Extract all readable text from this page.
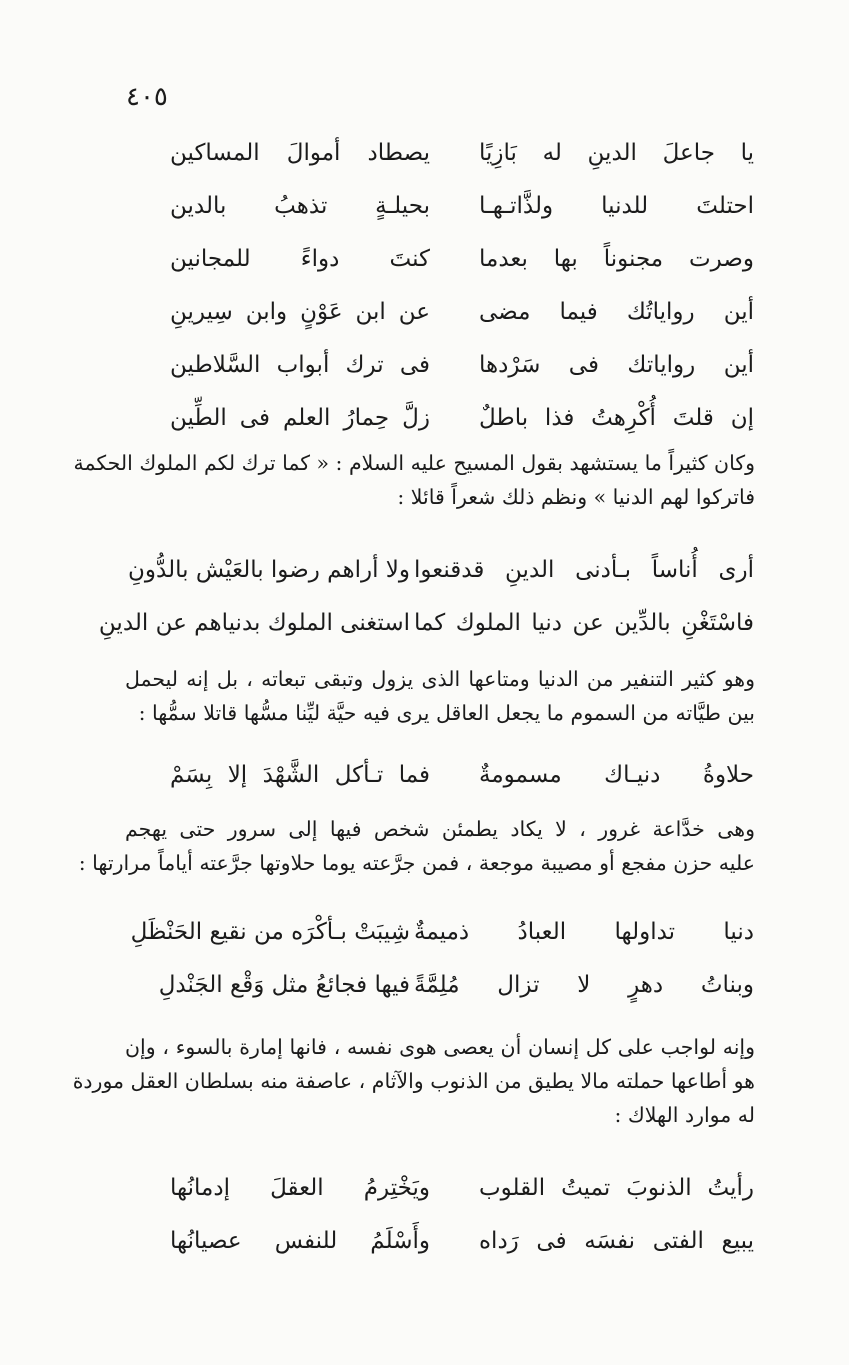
٤٠٥
يا جاعلَ الدينِ له بَازِيًا
يصطاد أموالَ المساكين
احتلتَ للدنيا ولذَّاتـهـا
بحيلـةٍ تذهبُ بالدين
وصرت مجنوناً بها بعدما
كنتَ دواءً للمجانين
أين رواياتُك فيما مضى
عن ابن عَوْنٍ وابن سِيرينِ
أين رواياتك فى سَرْدها
فى ترك أبواب السَّلاطين
إن قلتَ أُكْرِهتُ فذا باطلٌ
زلَّ حِمارُ العلم فى الطِّين
وكان كثيراً ما يستشهد بقول المسيح عليه السلام : « كما ترك لكم الملوك الحكمة
فاتركوا لهم الدنيا » ونظم ذلك شعراً قائلا :
أرى أُناساً بـأدنى الدينِ قدقنعوا
ولا أراهم رضوا بالعَيْش بالدُّونِ
فاسْتَغْنِ بالدِّين عن دنيا الملوك كما
استغنى الملوك بدنياهم عن الدينِ
وهو كثير التنفير من الدنيا ومتاعها الذى يزول وتبقى تبعاته ، بل إنه ليحمل
بين طيَّاته من السموم ما يجعل العاقل يرى فيه حيَّة ليِّنا مسُّها قاتلا سمُّها :
حلاوةُ دنيـاك مسمومةٌ
فما تـأكل الشَّهْدَ إلا بِسَمْ
وهى خدَّاعة غرور ، لا يكاد يطمئن شخص فيها إلى سرور حتى يهجم
عليه حزن مفجع أو مصيبة موجعة ، فمن جرَّعته يوما حلاوتها جرَّعته أياماً مرارتها :
دنيا تداولها العبادُ ذميمةٌ
شِيبَتْ بـأكْرَه من نقيع الحَنْظَلِ
وبناتُ دهرٍ لا تزال مُلِمَّةً
فيها فجائعُ مثل وَقْع الجَنْدلِ
وإنه لواجب على كل إنسان أن يعصى هوى نفسه ، فانها إمارة بالسوء ، وإن
هو أطاعها حملته مالا يطيق من الذنوب والآثام ، عاصفة منه بسلطان العقل موردة
له موارد الهلاك :
رأيتُ الذنوبَ تميتُ القلوب
ويَخْتِرمُ العقلَ إدمانُها
يبيع الفتى نفسَه فى رَداه
وأَسْلَمُ للنفس عصيانُها
